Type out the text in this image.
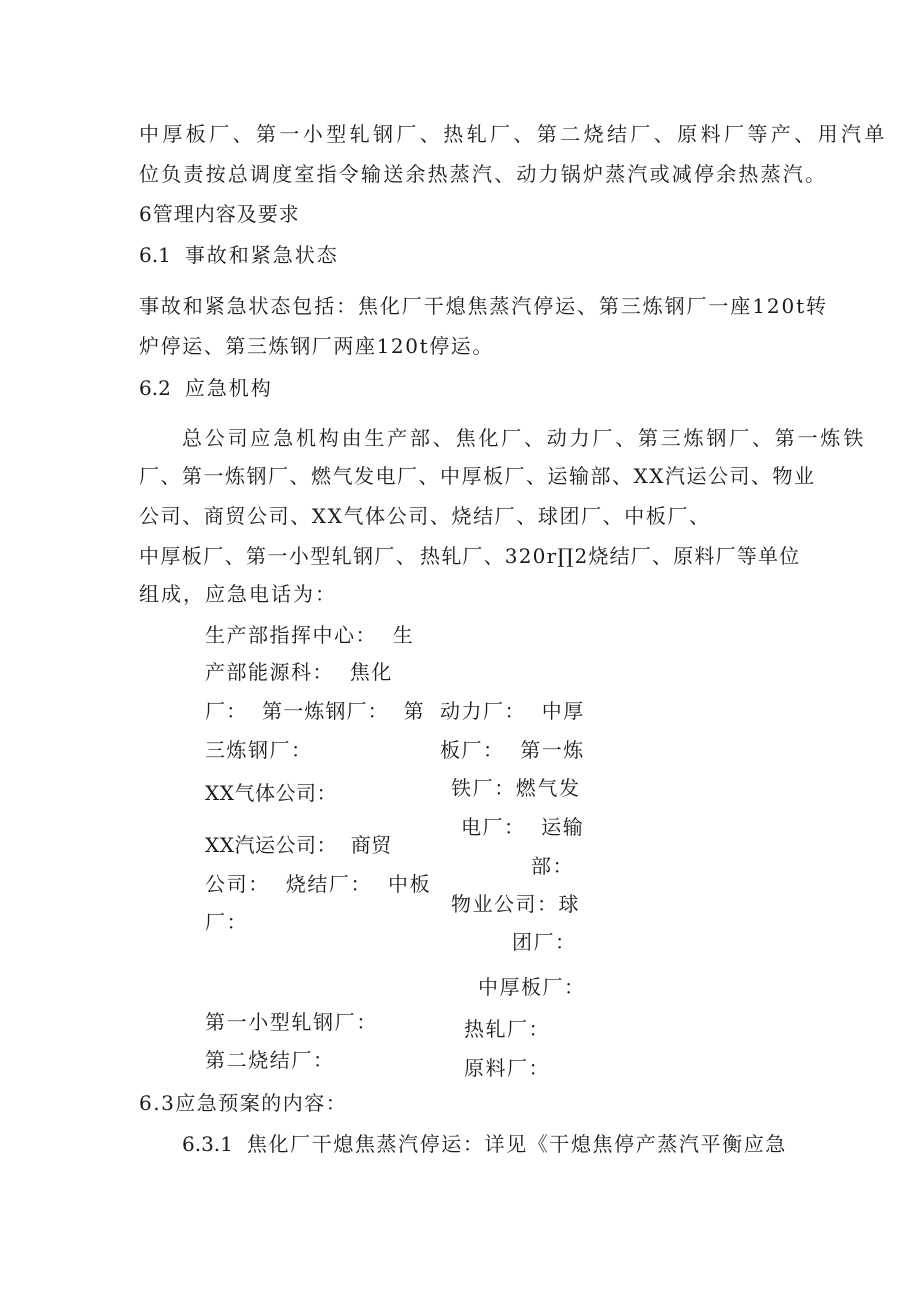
中厚板厂、第一小型轧钢厂、热轧厂、第二烧结厂、原料厂等产、用汽单
位负责按总调度室指令输送余热蒸汽、动力锅炉蒸汽或减停余热蒸汽。
6管理内容及要求
6.1 事故和紧急状态
事故和紧急状态包括：焦化厂干熄焦蒸汽停运、第三炼钢厂一座120t转
炉停运、第三炼钢厂两座120t停运。
6.2 应急机构
总公司应急机构由生产部、焦化厂、动力厂、第三炼钢厂、第一炼铁
厂、第一炼钢厂、燃气发电厂、中厚板厂、运输部、XX汽运公司、物业
公司、商贸公司、XX气体公司、烧结厂、球团厂、中板厂、
中厚板厂、第一小型轧钢厂、 热轧厂、320r∏2烧结厂、原料厂等单位
组成，应急电话为：
生产部指挥中心：  生
产部能源科：  焦化
厂：  第一炼钢厂：  第
三炼钢厂：
XX气体公司：
XX汽运公司：  商贸
公司：  烧结厂：  中板
厂：
第一小型轧钢厂：
第二烧结厂：
动力厂：  中厚
板厂：  第一炼
铁厂：燃气发
电厂：  运输
部：
物业公司：球
团厂：
中厚板厂：
热轧厂：
原料厂：
6.3应急预案的内容：
6.3.1 焦化厂干熄焦蒸汽停运：详见《干熄焦停产蒸汽平衡应急
